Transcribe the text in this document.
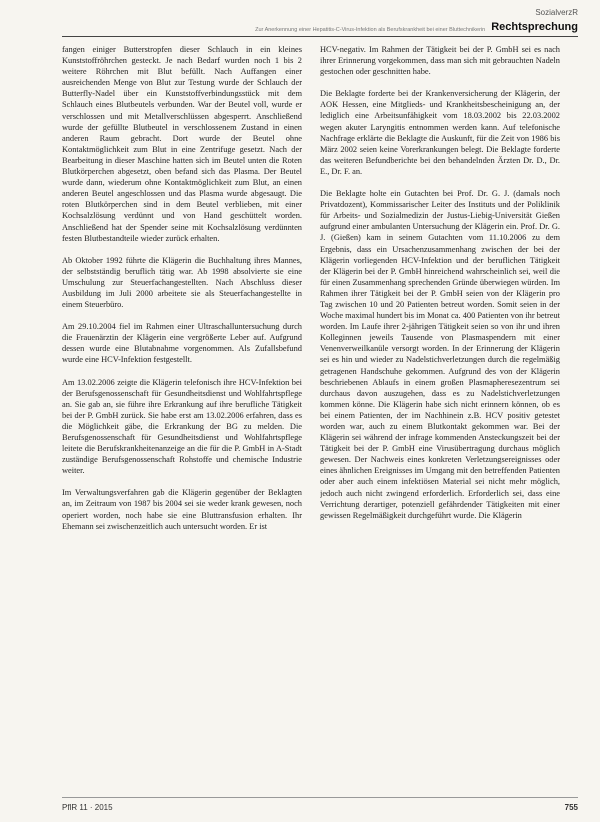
SozialverzR
Zur Anerkennung einer Hepatitis-C-Virus-Infektion als Berufskrankheit bei einer Bluttechnikerin Rechtsprechung

fangen einiger Butterstropfen dieser Schlauch in ein kleines Kunststoffröhrchen gesteckt. Je nach Bedarf wurden noch 1 bis 2 weitere Röhrchen mit Blut befüllt. Nach Auffangen einer ausreichenden Menge von Blut zur Testung wurde der Schlauch der Butterfly-Nadel über ein Kunststoffverbindungsstück mit dem Schlauch eines Blutbeutels verbunden. War der Beutel voll, wurde er verschlossen und mit Metallverschlüssen abgesperrt. Anschließend wurde der gefüllte Blutbeutel in verschlossenem Zustand in einen anderen Raum gebracht. Dort wurde der Beutel ohne Kontaktmöglichkeit zum Blut in eine Zentrifuge gesetzt. Nach der Bearbeitung in dieser Maschine hatten sich im Beutel unten die Roten Blutkörperchen abgesetzt, oben befand sich das Plasma. Der Beutel wurde dann, wiederum ohne Kontaktmöglichkeit zum Blut, an einen anderen Beutel angeschlossen und das Plasma wurde abgesaugt. Die roten Blutkörperchen sind in dem Beutel verblieben, mit einer Kochsalzlösung verdünnt und von Hand geschüttelt worden. Anschließend hat der Spender seine mit Kochsalzlösung verdünnten festen Blutbestandteile wieder zurück erhalten.

Ab Oktober 1992 führte die Klägerin die Buchhaltung ihres Mannes, der selbstständig beruflich tätig war. Ab 1998 absolvierte sie eine Umschulung zur Steuerfachangestellten. Nach Abschluss dieser Ausbildung im Juli 2000 arbeitete sie als Steuerfachangestellte in einem Steuerbüro.

Am 29.10.2004 fiel im Rahmen einer Ultraschalluntersuchung durch die Frauenärztin der Klägerin eine vergrößerte Leber auf. Aufgrund dessen wurde eine Blutabnahme vorgenommen. Als Zufallsbefund wurde eine HCV-Infektion festgestellt.

Am 13.02.2006 zeigte die Klägerin telefonisch ihre HCV-Infektion bei der Berufsgenossenschaft für Gesundheitsdienst und Wohlfahrtspflege an. Sie gab an, sie führe ihre Erkrankung auf ihre berufliche Tätigkeit bei der P. GmbH zurück. Sie habe erst am 13.02.2006 erfahren, dass es die Möglichkeit gäbe, die Erkrankung der BG zu melden. Die Berufsgenossenschaft für Gesundheitsdienst und Wohlfahrtspflege leitete die Berufskrankheitenanzeige an die für die P. GmbH in A-Stadt zuständige Berufsgenossenschaft Rohstoffe und chemische Industrie weiter.

Im Verwaltungsverfahren gab die Klägerin gegenüber der Beklagten an, im Zeitraum von 1987 bis 2004 sei sie weder krank gewesen, noch operiert worden, noch habe sie eine Bluttransfusion erhalten. Ihr Ehemann sei zwischenzeitlich auch untersucht worden. Er ist

HCV-negativ. Im Rahmen der Tätigkeit bei der P. GmbH sei es nach ihrer Erinnerung vorgekommen, dass man sich mit gebrauchten Nadeln gestochen oder geschnitten habe.

Die Beklagte forderte bei der Krankenversicherung der Klägerin, der AOK Hessen, eine Mitglieds- und Krankheitsbescheinigung an, der lediglich eine Arbeitsunfähigkeit vom 18.03.2002 bis 22.03.2002 wegen akuter Laryngitis entnommen werden kann. Auf telefonische Nachfrage erklärte die Beklagte die Auskunft, für die Zeit von 1986 bis März 2002 seien keine Vorerkrankungen belegt. Die Beklagte forderte das weiteren Befundberichte bei den behandelnden Ärzten Dr. D., Dr. E., Dr. F. an.

Die Beklagte holte ein Gutachten bei Prof. Dr. G. J. (damals noch Privatdozent), Kommissarischer Leiter des Instituts und der Poliklinik für Arbeits- und Sozialmedizin der Justus-Liebig-Universität Gießen aufgrund einer ambulanten Untersuchung der Klägerin ein. Prof. Dr. G. J. (Gießen) kam in seinem Gutachten vom 11.10.2006 zu dem Ergebnis, dass ein Ursachenzusammenhang zwischen der bei der Klägerin vorliegenden HCV-Infektion und der beruflichen Tätigkeit der Klägerin bei der P. GmbH hinreichend wahrscheinlich sei, weil die für einen Zusammenhang sprechenden Gründe überwiegen würden. Im Rahmen ihrer Tätigkeit bei der P. GmbH seien von der Klägerin pro Tag zwischen 10 und 20 Patienten betreut worden. Somit seien in der Woche maximal hundert bis im Monat ca. 400 Patienten von ihr betreut worden. Im Laufe ihrer 2-jährigen Tätigkeit seien so von ihr und ihren Kolleginnen jeweils Tausende von Plasmaspendern mit einer Venenverweilkanüle versorgt worden. In der Erinnerung der Klägerin sei es hin und wieder zu Nadelstichverletzungen durch die regelmäßig getragenen Handschuhe gekommen. Aufgrund des von der Klägerin beschriebenen Ablaufs in einem großen Plasmapheresezentrum sei durchaus davon auszugehen, dass es zu Nadelstichverletzungen kommen könne. Die Klägerin habe sich nicht erinnern können, ob es bei einem Patienten, der im Nachhinein z.B. HCV positiv getestet worden war, auch zu einem Blutkontakt gekommen war. Bei der Klägerin sei während der infrage kommenden Ansteckungszeit bei der Tätigkeit bei der P. GmbH eine Virusübertragung durchaus möglich gewesen. Der Nachweis eines konkreten Verletzungsereignisses oder eines ähnlichen Ereignisses im Umgang mit den betreffenden Patienten oder aber auch einem infektiösen Material sei nicht mehr möglich, jedoch auch nicht zwingend erforderlich. Erforderlich sei, dass eine Verrichtung derartiger, potenziell gefährdender Tätigkeiten mit einer gewissen Regelmäßigkeit durchgeführt wurde. Die Klägerin

PflR 11 · 2015	755
